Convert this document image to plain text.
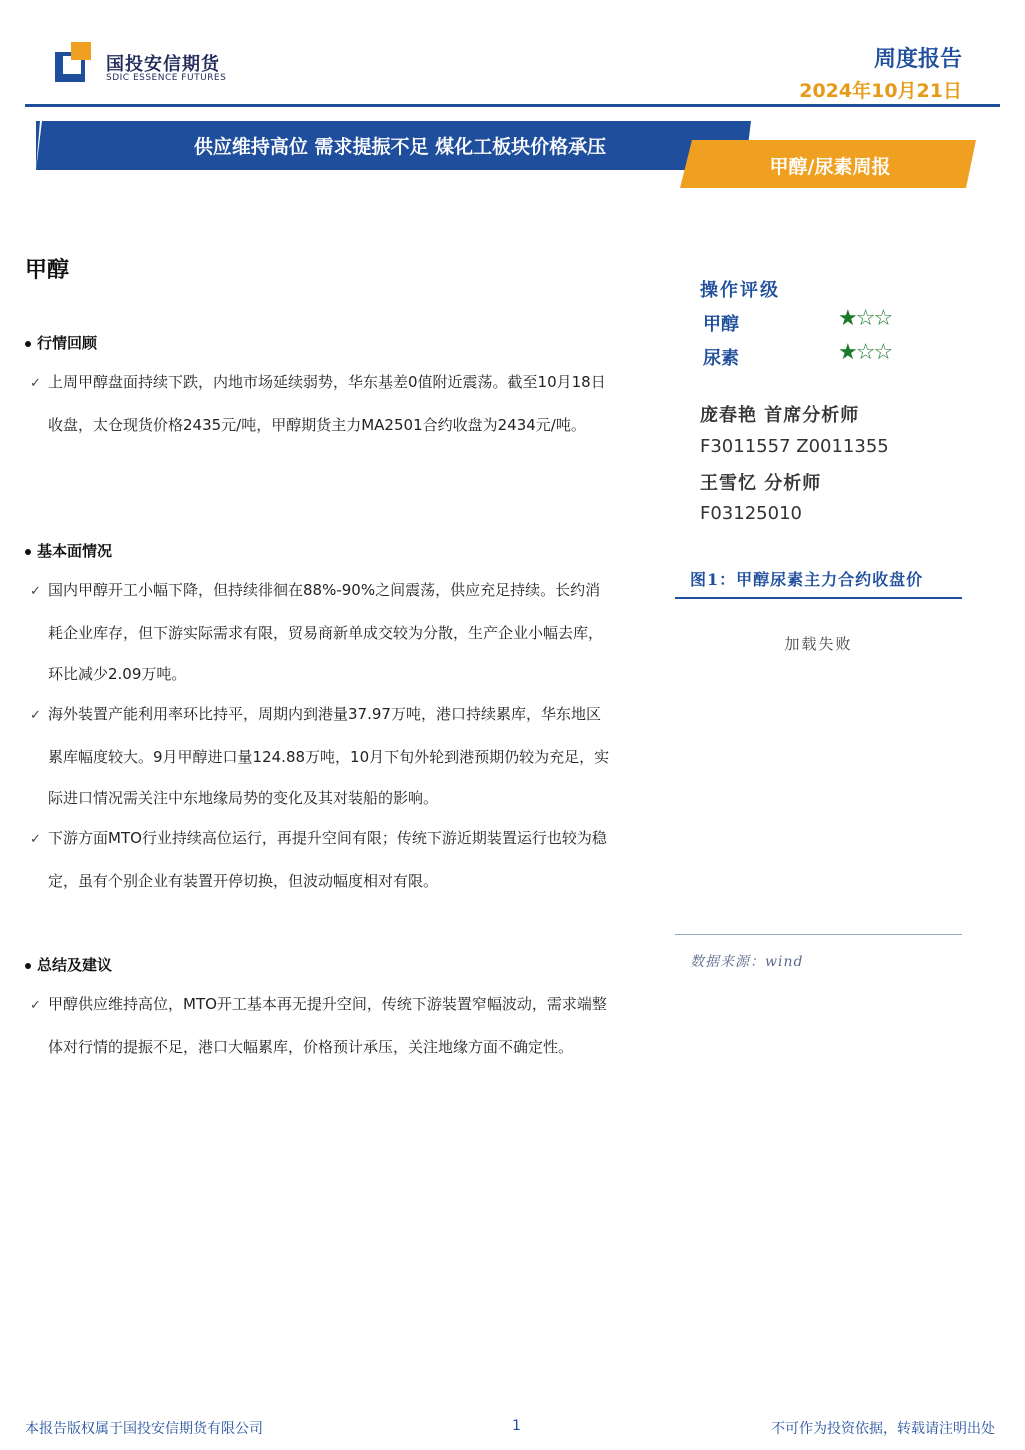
国投安信期货
SDIC ESSENCE FUTURES
周度报告
2024年10月21日
供应维持高位 需求提振不足 煤化工板块价格承压
甲醇/尿素周报
甲醇
行情回顾
✓ 上周甲醇盘面持续下跌，内地市场延续弱势，华东基差0值附近震荡。截至10月18日收盘，太仓现货价格2435元/吨，甲醇期货主力MA2501合约收盘为2434元/吨。
基本面情况
✓ 国内甲醇开工小幅下降，但持续徘徊在88%-90%之间震荡，供应充足持续。长约消耗企业库存，但下游实际需求有限，贸易商新单成交较为分散，生产企业小幅去库，环比减少2.09万吨。
✓ 海外装置产能利用率环比持平，周期内到港量37.97万吨，港口持续累库，华东地区累库幅度较大。9月甲醇进口量124.88万吨，10月下旬外轮到港预期仍较为充足，实际进口情况需关注中东地缘局势的变化及其对装船的影响。
✓ 下游方面MTO行业持续高位运行，再提升空间有限；传统下游近期装置运行也较为稳定，虽有个别企业有装置开停切换，但波动幅度相对有限。
总结及建议
✓ 甲醇供应维持高位，MTO开工基本再无提升空间，传统下游装置窄幅波动，需求端整体对行情的提振不足，港口大幅累库，价格预计承压，关注地缘方面不确定性。
操作评级
甲醇	★☆☆
尿素	★☆☆
庞春艳 首席分析师
F3011557 Z0011355
王雪忆 分析师
F03125010
图1：甲醇尿素主力合约收盘价
加载失败
数据来源：wind
本报告版权属于国投安信期货有限公司	1	不可作为投资依据，转载请注明出处
